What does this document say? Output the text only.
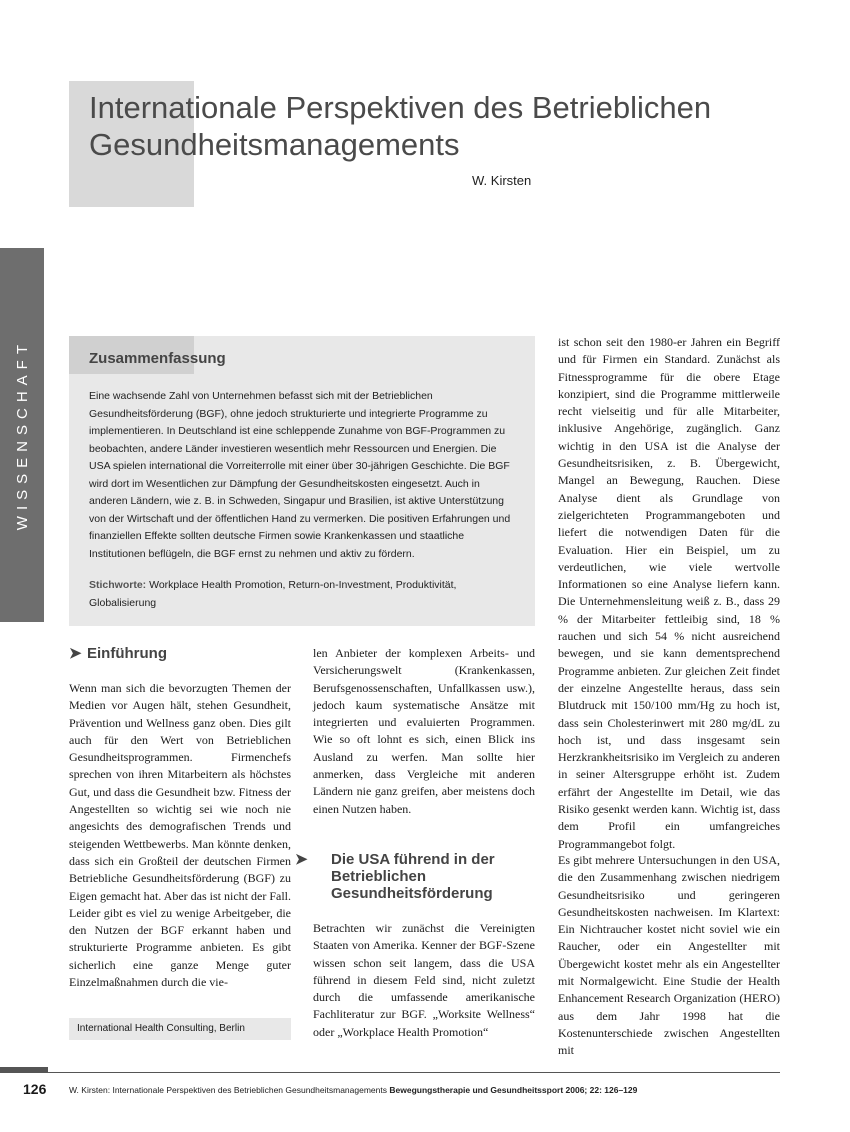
Internationale Perspektiven des Betrieblichen Gesundheitsmanagements
W. Kirsten
WISSENSCHAFT	Zusammenfassung

Eine wachsende Zahl von Unternehmen befasst sich mit der Betrieblichen Gesundheitsförderung (BGF), ohne jedoch strukturierte und integrierte Programme zu implementieren. In Deutschland ist eine schleppende Zunahme von BGF-Programmen zu beobachten, andere Länder investieren wesentlich mehr Ressourcen und Energien. Die USA spielen international die Vorreiterrolle mit einer über 30-jährigen Geschichte. Die BGF wird dort im Wesentlichen zur Dämpfung der Gesundheitskosten eingesetzt. Auch in anderen Ländern, wie z. B. in Schweden, Singapur und Brasilien, ist aktive Unterstützung von der Wirtschaft und der öffentlichen Hand zu vermerken. Die positiven Erfahrungen und finanziellen Effekte sollten deutsche Firmen sowie Krankenkassen und staatliche Institutionen beflügeln, die BGF ernst zu nehmen und aktiv zu fördern.

Stichworte: Workplace Health Promotion, Return-on-Investment, Produktivität, Globalisierung

➤ Einführung

Wenn man sich die bevorzugten Themen der Medien vor Augen hält, stehen Gesundheit, Prävention und Wellness ganz oben. Dies gilt auch für den Wert von Betrieblichen Gesundheitsprogrammen. Firmenchefs sprechen von ihren Mitarbeitern als höchstes Gut, und dass die Gesundheit bzw. Fitness der Angestellten so wichtig sei wie noch nie angesichts des demografischen Trends und steigenden Wettbewerbs. Man könnte denken, dass sich ein Großteil der deutschen Firmen Betriebliche Gesundheitsförderung (BGF) zu Eigen gemacht hat. Aber das ist nicht der Fall. Leider gibt es viel zu wenige Arbeitgeber, die den Nutzen der BGF erkannt haben und strukturierte Programme anbieten. Es gibt sicherlich eine ganze Menge guter Einzelmaßnahmen durch die vie-

International Health Consulting, Berlin

len Anbieter der komplexen Arbeits- und Versicherungswelt (Krankenkassen, Berufsgenossenschaften, Unfallkassen usw.), jedoch kaum systematische Ansätze mit integrierten und evaluierten Programmen. Wie so oft lohnt es sich, einen Blick ins Ausland zu werfen. Man sollte hier anmerken, dass Vergleiche mit anderen Ländern nie ganz greifen, aber meistens doch einen Nutzen haben.

➤ Die USA führend in der Betrieblichen Gesundheitsförderung

Betrachten wir zunächst die Vereinigten Staaten von Amerika. Kenner der BGF-Szene wissen schon seit langem, dass die USA führend in diesem Feld sind, nicht zuletzt durch die umfassende amerikanische Fachliteratur zur BGF. „Worksite Wellness“ oder „Workplace Health Promotion“

ist schon seit den 1980-er Jahren ein Begriff und für Firmen ein Standard. Zunächst als Fitnessprogramme für die obere Etage konzipiert, sind die Programme mittlerweile recht vielseitig und für alle Mitarbeiter, inklusive Angehörige, zugänglich. Ganz wichtig in den USA ist die Analyse der Gesundheitsrisiken, z. B. Übergewicht, Mangel an Bewegung, Rauchen. Diese Analyse dient als Grundlage von zielgerichteten Programmangeboten und liefert die notwendigen Daten für die Evaluation. Hier ein Beispiel, um zu verdeutlichen, wie viele wertvolle Informationen so eine Analyse liefern kann. Die Unternehmensleitung weiß z. B., dass 29 % der Mitarbeiter fettleibig sind, 18 % rauchen und sich 54 % nicht ausreichend bewegen, und sie kann dementsprechend Programme anbieten. Zur gleichen Zeit findet der einzelne Angestellte heraus, dass sein Blutdruck mit 150/100 mm/Hg zu hoch ist, dass sein Cholesterinwert mit 280 mg/dL zu hoch ist, und dass insgesamt sein Herzkrankheitsrisiko im Vergleich zu anderen in seiner Altersgruppe erhöht ist. Zudem erfährt der Angestellte im Detail, wie das Risiko gesenkt werden kann. Wichtig ist, dass dem Profil ein umfangreiches Programmangebot folgt.

Es gibt mehrere Untersuchungen in den USA, die den Zusammenhang zwischen niedrigem Gesundheitsrisiko und geringeren Gesundheitskosten nachweisen. Im Klartext: Ein Nichtraucher kostet nicht soviel wie ein Raucher, oder ein Angestellter mit Übergewicht kostet mehr als ein Angestellter mit Normalgewicht. Eine Studie der Health Enhancement Research Organization (HERO) aus dem Jahr 1998 hat die Kostenunterschiede zwischen Angestellten mit

126	W. Kirsten: Internationale Perspektiven des Betrieblichen Gesundheitsmanagements Bewegungstherapie und Gesundheitssport 2006; 22: 126–129
